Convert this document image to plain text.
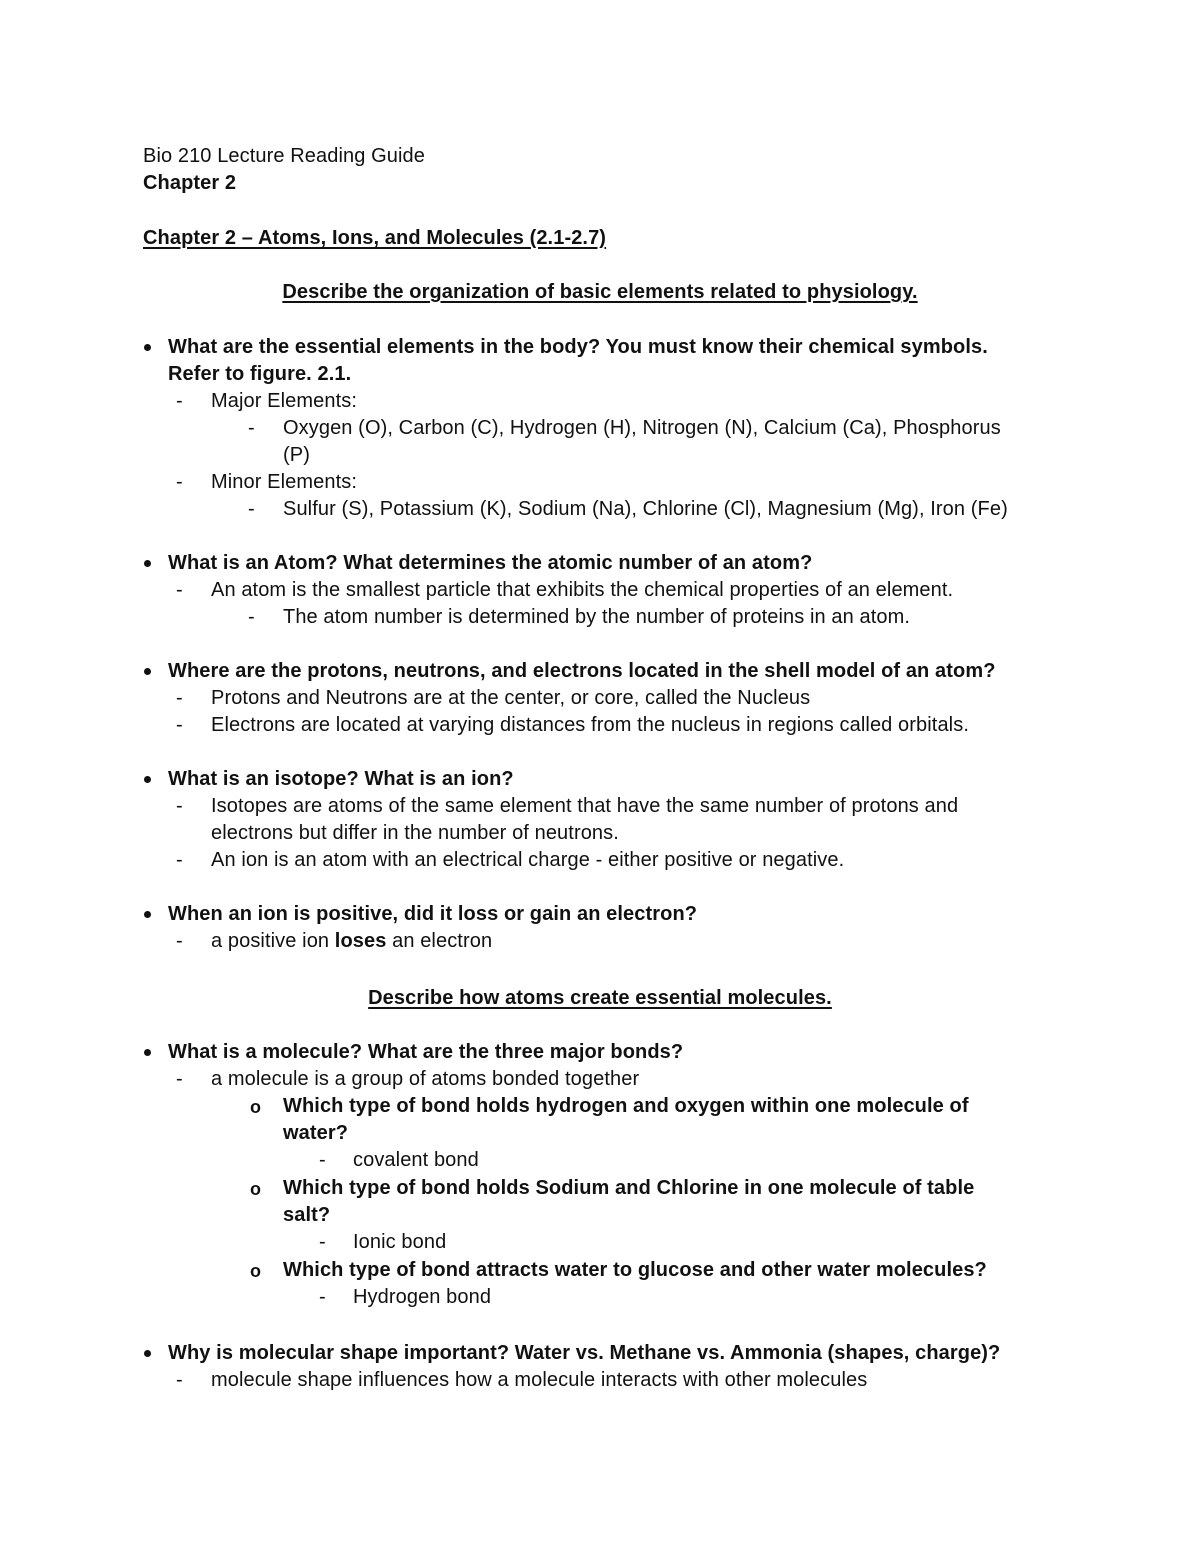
Bio 210 Lecture Reading Guide
Chapter 2
Chapter 2 – Atoms, Ions, and Molecules (2.1-2.7)
Describe the organization of basic elements related to physiology.
What are the essential elements in the body? You must know their chemical symbols.
Refer to figure. 2.1.
- Major Elements:
- Oxygen (O), Carbon (C), Hydrogen (H), Nitrogen (N), Calcium (Ca), Phosphorus
(P)
- Minor Elements:
- Sulfur (S), Potassium (K), Sodium (Na), Chlorine (Cl), Magnesium (Mg), Iron (Fe)
What is an Atom? What determines the atomic number of an atom?
- An atom is the smallest particle that exhibits the chemical properties of an element.
- The atom number is determined by the number of proteins in an atom.
Where are the protons, neutrons, and electrons located in the shell model of an atom?
- Protons and Neutrons are at the center, or core, called the Nucleus
- Electrons are located at varying distances from the nucleus in regions called orbitals.
What is an isotope? What is an ion?
- Isotopes are atoms of the same element that have the same number of protons and
electrons but differ in the number of neutrons.
- An ion is an atom with an electrical charge - either positive or negative.
When an ion is positive, did it loss or gain an electron?
- a positive ion loses an electron
Describe how atoms create essential molecules.
What is a molecule? What are the three major bonds?
- a molecule is a group of atoms bonded together
o Which type of bond holds hydrogen and oxygen within one molecule of
water?
- covalent bond
o Which type of bond holds Sodium and Chlorine in one molecule of table
salt?
- Ionic bond
o Which type of bond attracts water to glucose and other water molecules?
- Hydrogen bond
Why is molecular shape important? Water vs. Methane vs. Ammonia (shapes, charge)?
- molecule shape influences how a molecule interacts with other molecules
